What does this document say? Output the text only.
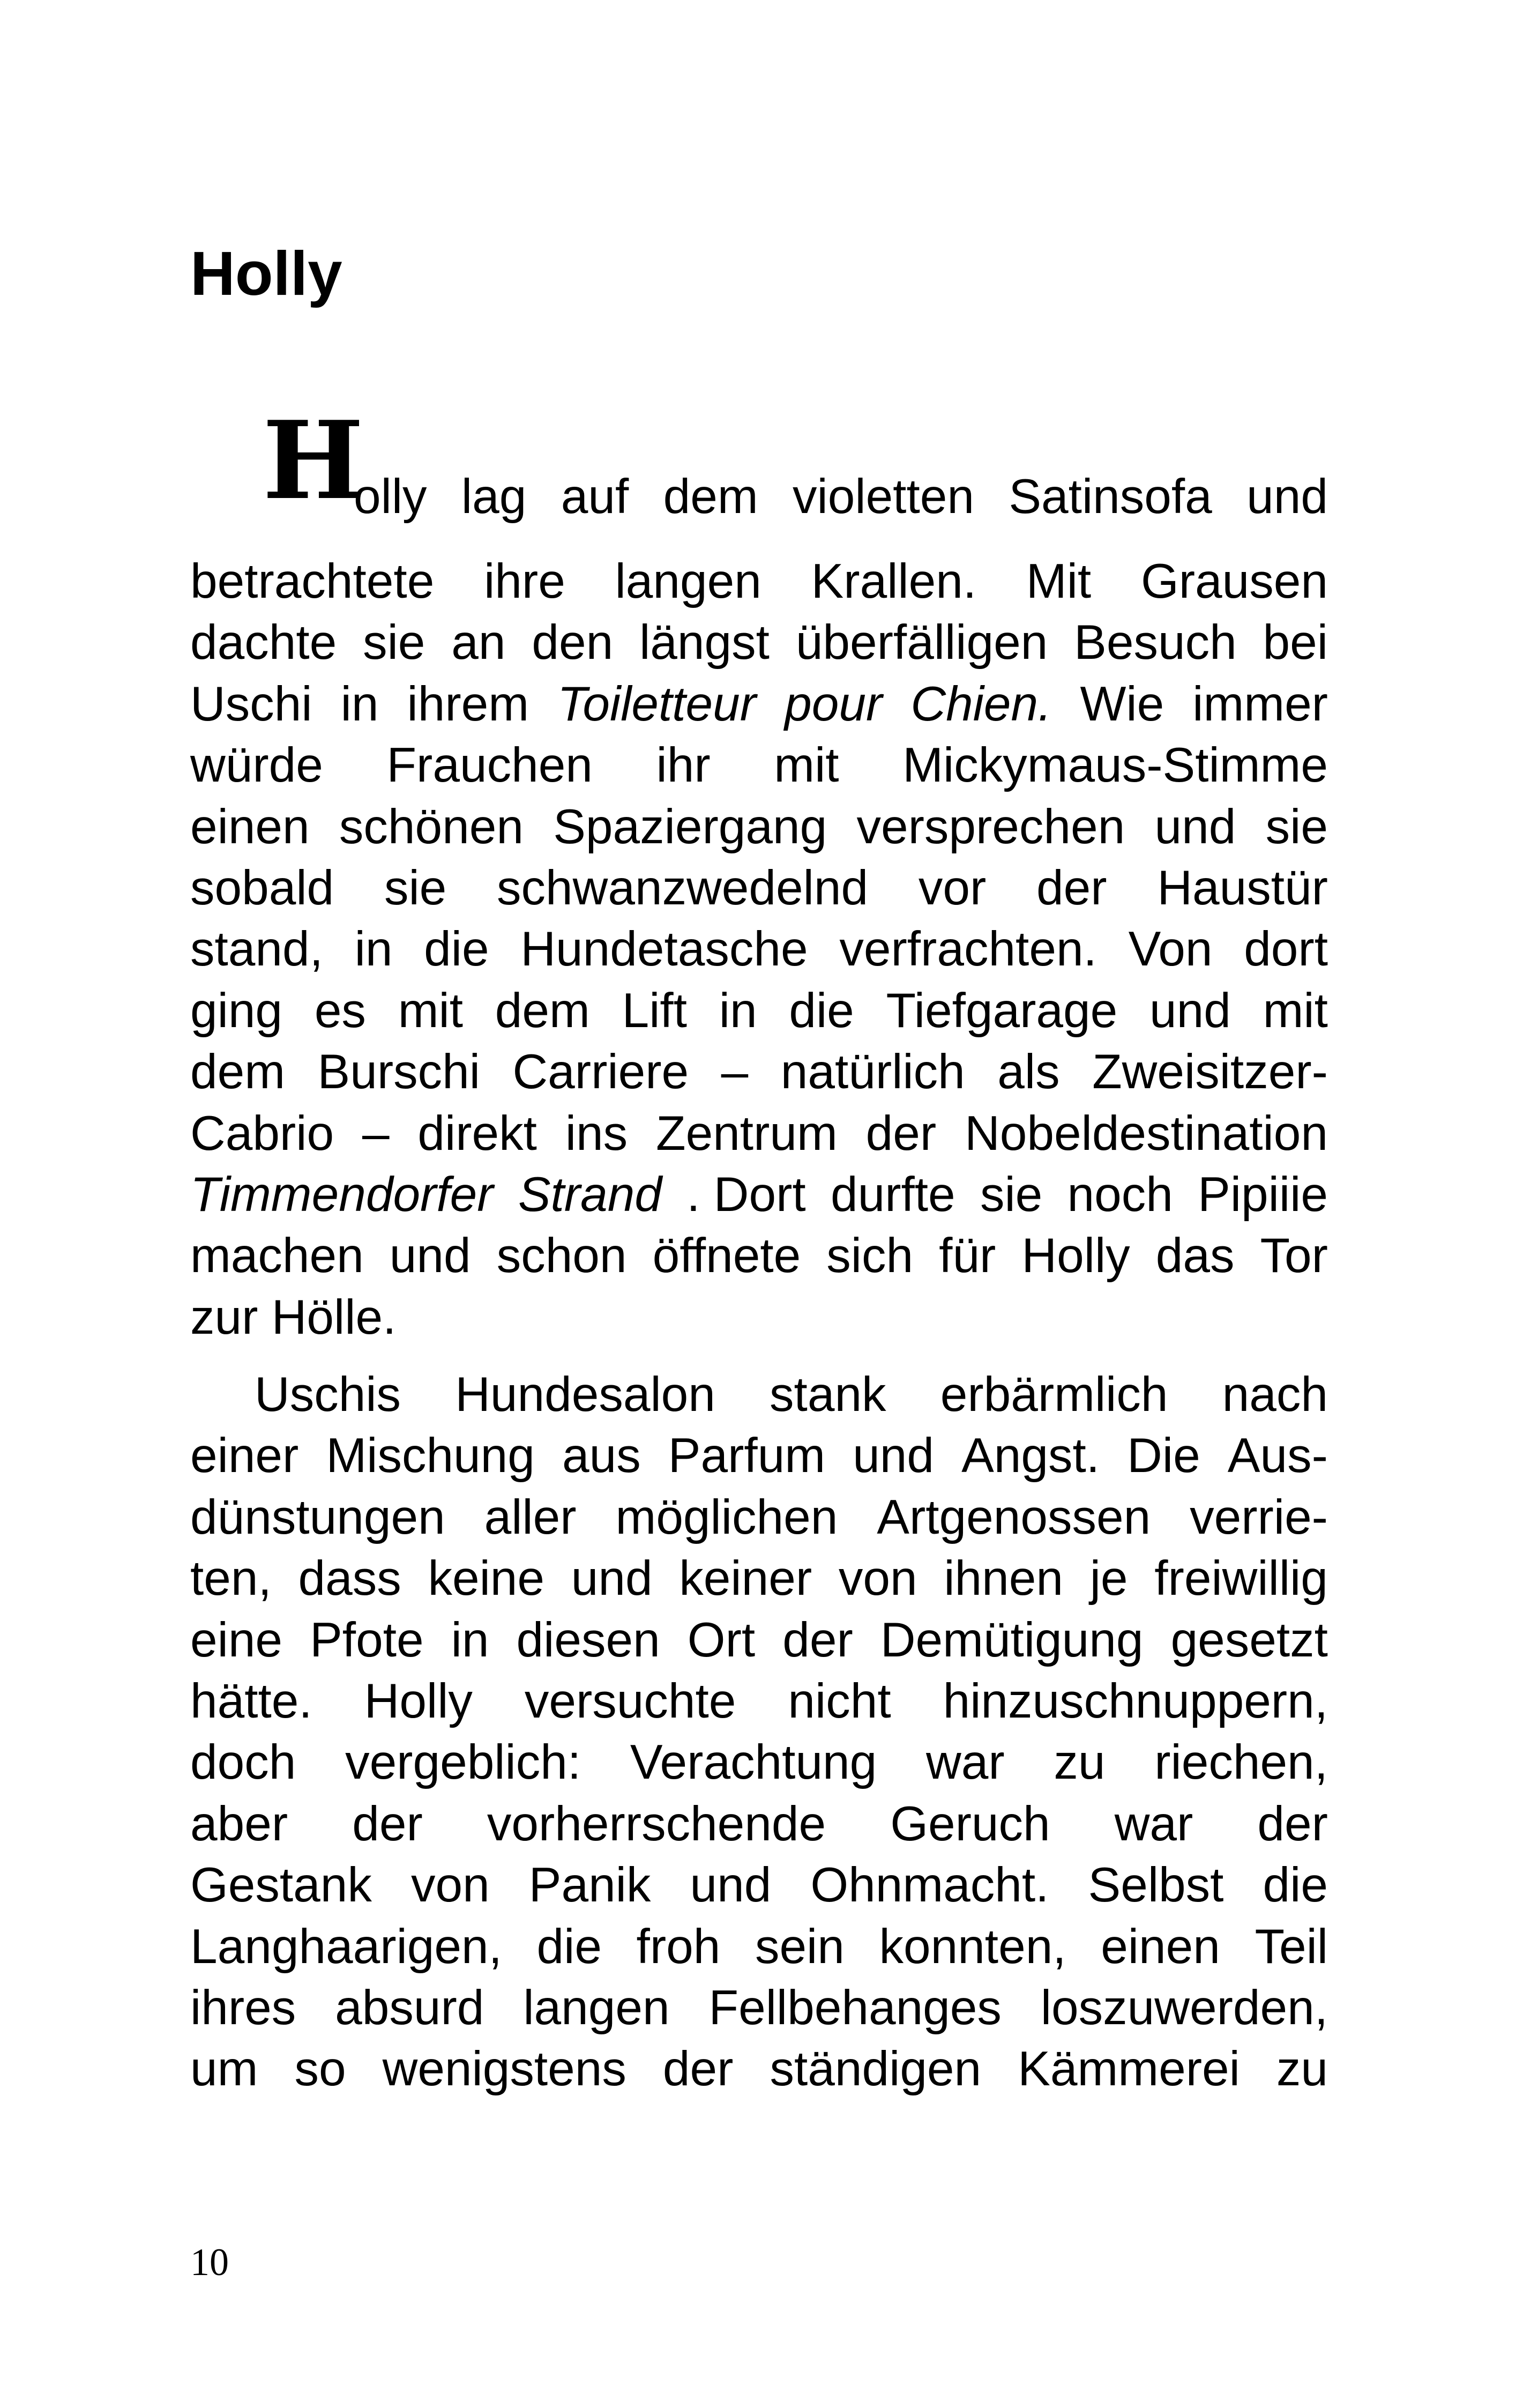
Holly
H
olly lag auf dem violetten Satinsofa und
betrachtete ihre langen Krallen. Mit Grausen
dachte sie an den längst überfälligen Besuch bei
Uschi in ihrem Toiletteur pour Chien. Wie immer
würde Frauchen ihr mit Mickymaus-Stimme
einen schönen Spaziergang versprechen und sie
sobald sie schwanzwedelnd vor der Haustür
stand, in die Hundetasche verfrachten. Von dort
ging es mit dem Lift in die Tiefgarage und mit
dem Burschi Carriere – natürlich als Zweisitzer-
Cabrio – direkt ins Zentrum der Nobeldestination
Timmendorfer Strand . Dort durfte sie noch Pipiiie
machen und schon öffnete sich für Holly das Tor
zur Hölle.
Uschis Hundesalon stank erbärmlich nach
einer Mischung aus Parfum und Angst. Die Aus-
dünstungen aller möglichen Artgenossen verrie-
ten, dass keine und keiner von ihnen je freiwillig
eine Pfote in diesen Ort der Demütigung gesetzt
hätte. Holly versuchte nicht hinzuschnuppern,
doch vergeblich: Verachtung war zu riechen,
aber der vorherrschende Geruch war der
Gestank von Panik und Ohnmacht. Selbst die
Langhaarigen, die froh sein konnten, einen Teil
ihres absurd langen Fellbehanges loszuwerden,
um so wenigstens der ständigen Kämmerei zu
10
